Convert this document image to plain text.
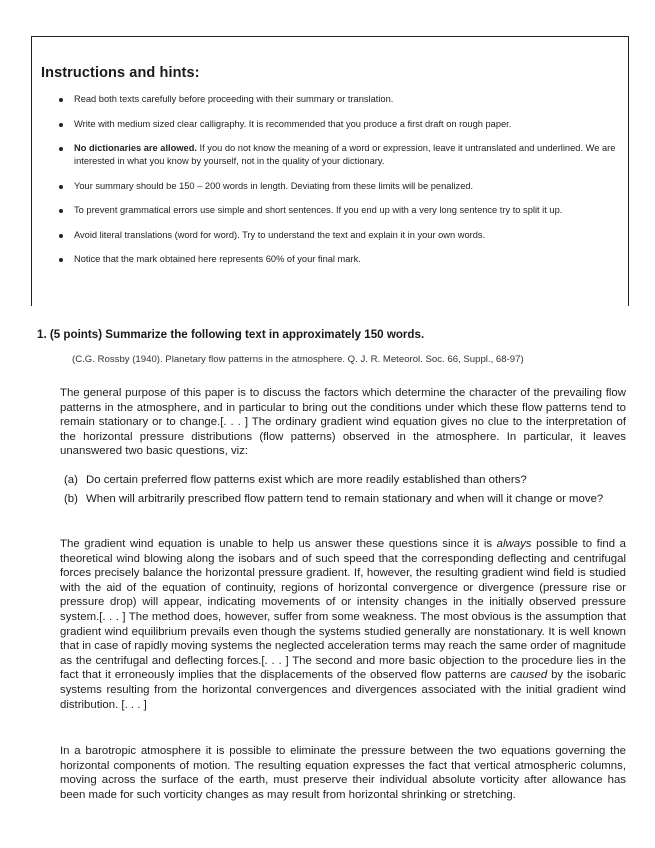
Instructions and hints:
Read both texts carefully before proceeding with their summary or translation.
Write with medium sized clear calligraphy. It is recommended that you produce a first draft on rough paper.
No dictionaries are allowed. If you do not know the meaning of a word or expression, leave it untranslated and underlined. We are interested in what you know by yourself, not in the quality of your dictionary.
Your summary should be 150 – 200 words in length. Deviating from these limits will be penalized.
To prevent grammatical errors use simple and short sentences. If you end up with a very long sentence try to split it up.
Avoid literal translations (word for word). Try to understand the text and explain it in your own words.
Notice that the mark obtained here represents 60% of your final mark.
1. (5 points) Summarize the following text in approximately 150 words.

(C.G. Rossby (1940). Planetary flow patterns in the atmosphere. Q. J. R. Meteorol. Soc. 66, Suppl., 68-97)

The general purpose of this paper is to discuss the factors which determine the character of the prevailing flow patterns in the atmosphere, and in particular to bring out the conditions under which these flow patterns tend to remain stationary or to change.[. . . ] The ordinary gradient wind equation gives no clue to the interpretation of the horizontal pressure distributions (flow patterns) observed in the atmosphere. In particular, it leaves unanswered two basic questions, viz:

(a) Do certain preferred flow patterns exist which are more readily established than others?
(b) When will arbitrarily prescribed flow pattern tend to remain stationary and when will it change or move?

The gradient wind equation is unable to help us answer these questions since it is always possible to find a theoretical wind blowing along the isobars and of such speed that the corresponding deflecting and centrifugal forces precisely balance the horizontal pressure gradient. If, however, the resulting gradient wind field is studied with the aid of the equation of continuity, regions of horizontal convergence or divergence (pressure rise or pressure drop) will appear, indicating movements of or intensity changes in the initially observed pressure system.[. . . ] The method does, however, suffer from some weakness. The most obvious is the assumption that gradient wind equilibrium prevails even though the systems studied generally are nonstationary. It is well known that in case of rapidly moving systems the neglected acceleration terms may reach the same order of magnitude as the centrifugal and deflecting forces.[. . . ] The second and more basic objection to the procedure lies in the fact that it erroneously implies that the displacements of the observed flow patterns are caused by the isobaric systems resulting from the horizontal convergences and divergences associated with the initial gradient wind distribution. [. . . ]

In a barotropic atmosphere it is possible to eliminate the pressure between the two equations governing the horizontal components of motion. The resulting equation expresses the fact that vertical atmospheric columns, moving across the surface of the earth, must preserve their individual absolute vorticity after allowance has been made for such vorticity changes as may result from horizontal shrinking or stretching.
